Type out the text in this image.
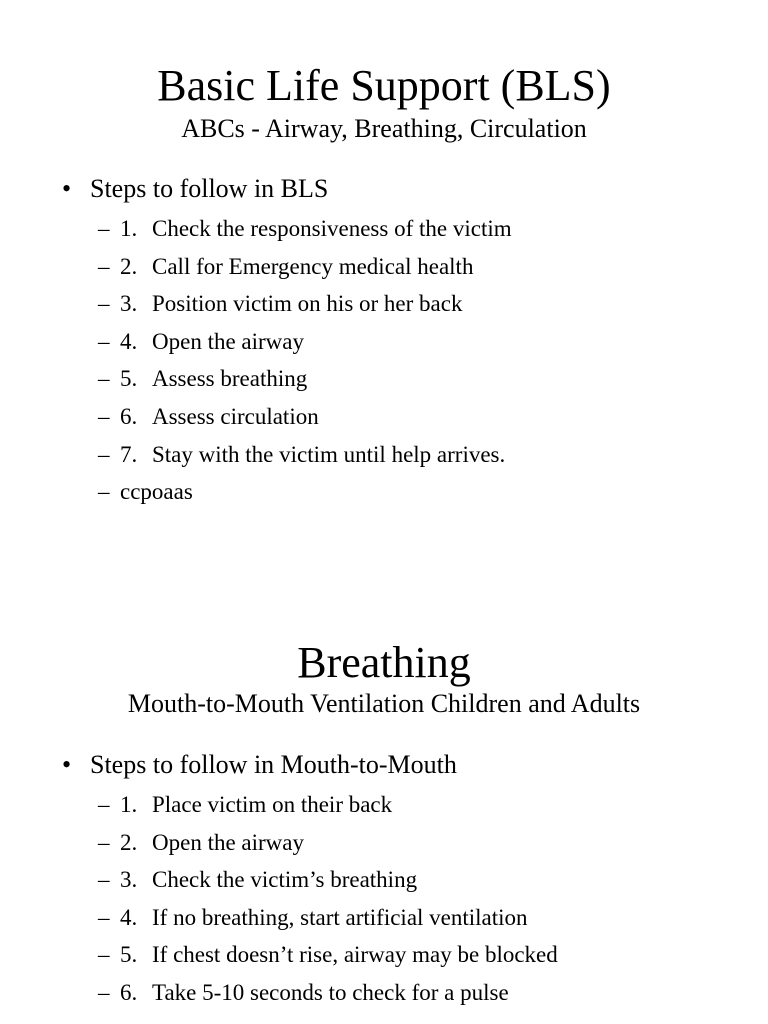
Basic Life Support (BLS)
ABCs - Airway, Breathing, Circulation
• Steps to follow in BLS
– 1. Check the responsiveness of the victim
– 2. Call for Emergency medical health
– 3. Position victim on his or her back
– 4. Open the airway
– 5. Assess breathing
– 6. Assess circulation
– 7. Stay with the victim until help arrives.
– ccpoaas
Breathing
Mouth-to-Mouth Ventilation Children and Adults
• Steps to follow in Mouth-to-Mouth
– 1. Place victim on their back
– 2. Open the airway
– 3. Check the victim’s breathing
– 4. If no breathing, start artificial ventilation
– 5. If chest doesn’t rise, airway may be blocked
– 6. Take 5-10 seconds to check for a pulse
